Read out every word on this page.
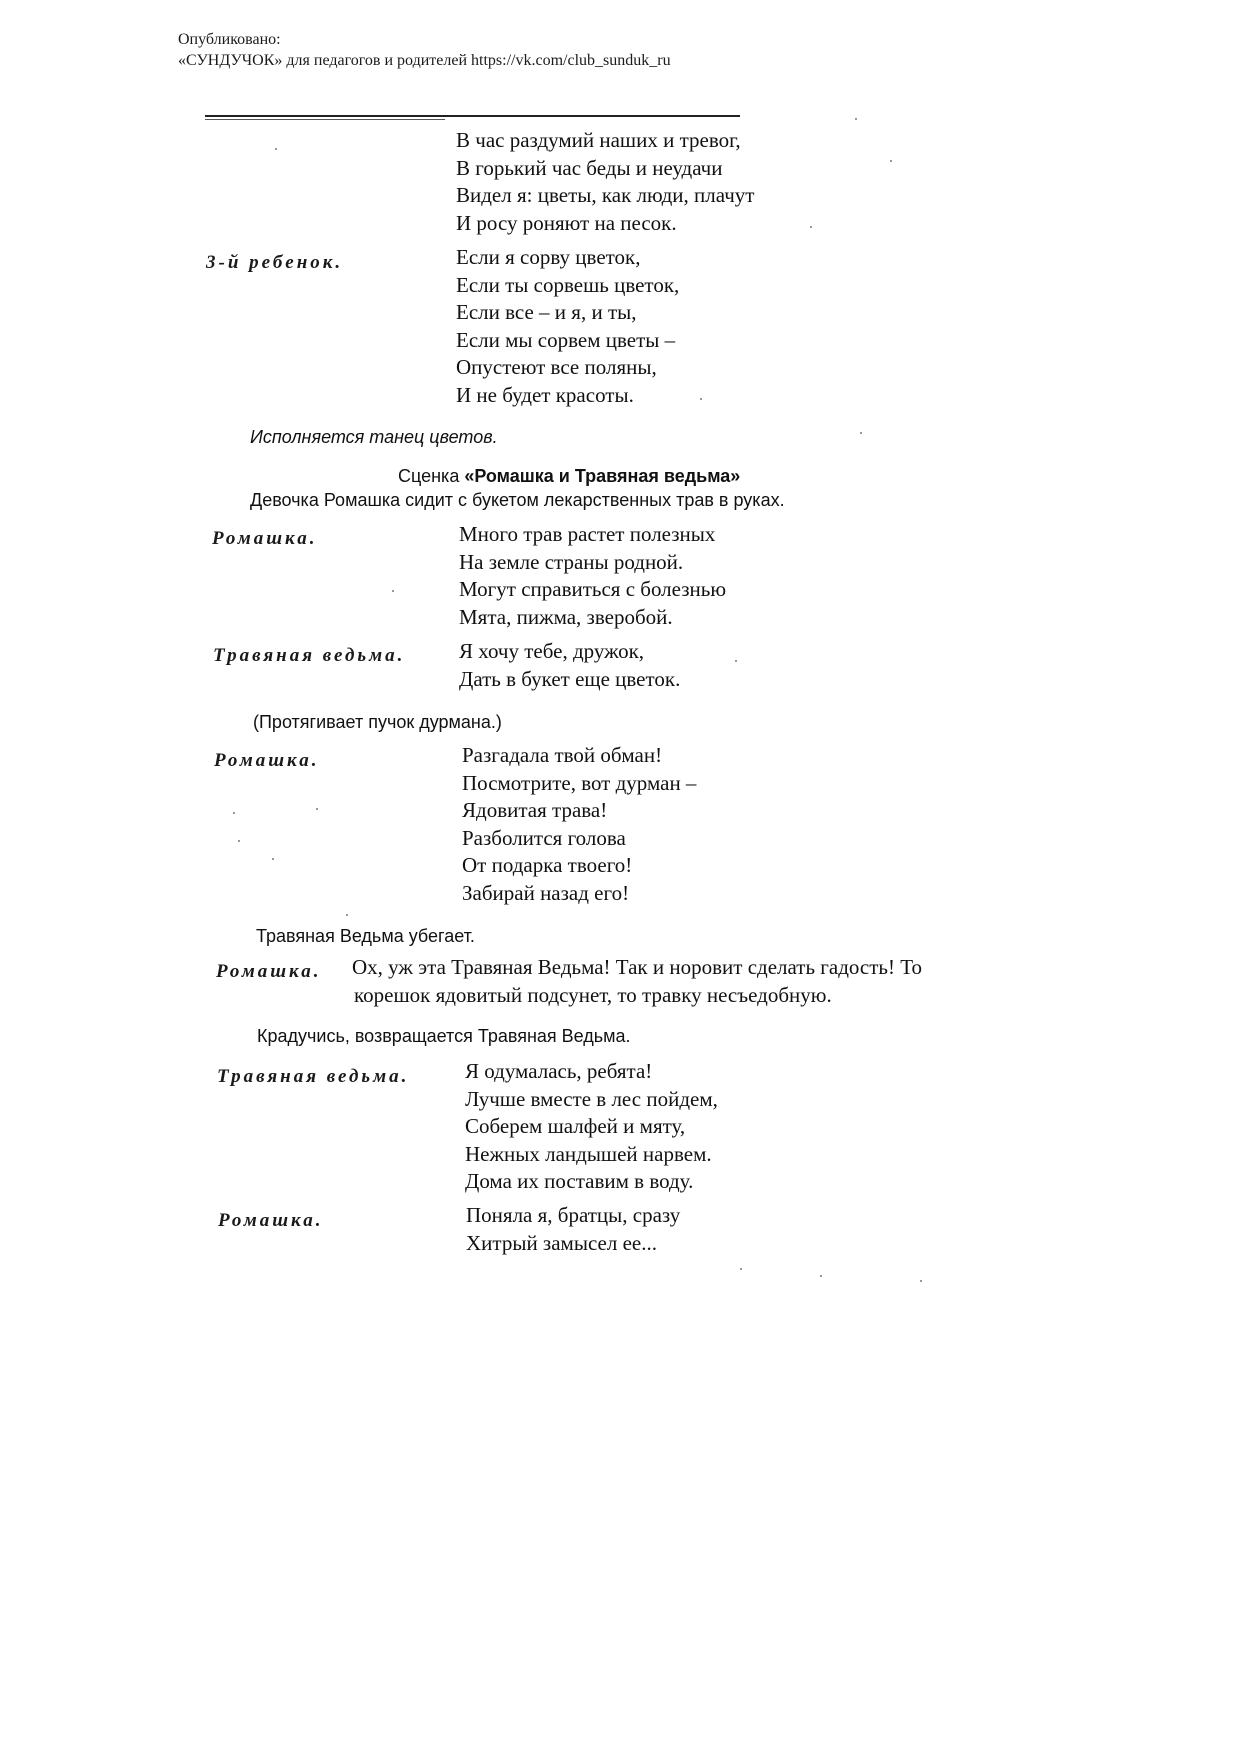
Опубликовано:
«СУНДУЧОК» для педагогов и родителей https://vk.com/club_sunduk_ru
В час раздумий наших и тревог,
В горький час беды и неудачи
Видел я: цветы, как люди, плачут
И росу роняют на песок.
3-й ребенок.	Если я сорву цветок,
Если ты сорвешь цветок,
Если все – и я, и ты,
Если мы сорвем цветы –
Опустеют все поляны,
И не будет красоты.
Исполняется танец цветов.
Сценка «Ромашка и Травяная ведьма»
Девочка Ромашка сидит с букетом лекарственных трав в руках.
Ромашка.	Много трав растет полезных
На земле страны родной.
Могут справиться с болезнью
Мята, пижма, зверобой.
Травяная ведьма.	Я хочу тебе, дружок,
Дать в букет еще цветок.
(Протягивает пучок дурмана.)
Ромашка.	Разгадала твой обман!
Посмотрите, вот дурман –
Ядовитая трава!
Разболится голова
От подарка твоего!
Забирай назад его!
Травяная Ведьма убегает.
Ромашка. Ох, уж эта Травяная Ведьма! Так и норовит сделать гадость! То
корешок ядовитый подсунет, то травку несъедобную.
Крадучись, возвращается Травяная Ведьма.
Травяная ведьма.	Я одумалась, ребята!
Лучше вместе в лес пойдем,
Соберем шалфей и мяту,
Нежных ландышей нарвем.
Дома их поставим в воду.
Ромашка.	Поняла я, братцы, сразу
Хитрый замысел ее...
